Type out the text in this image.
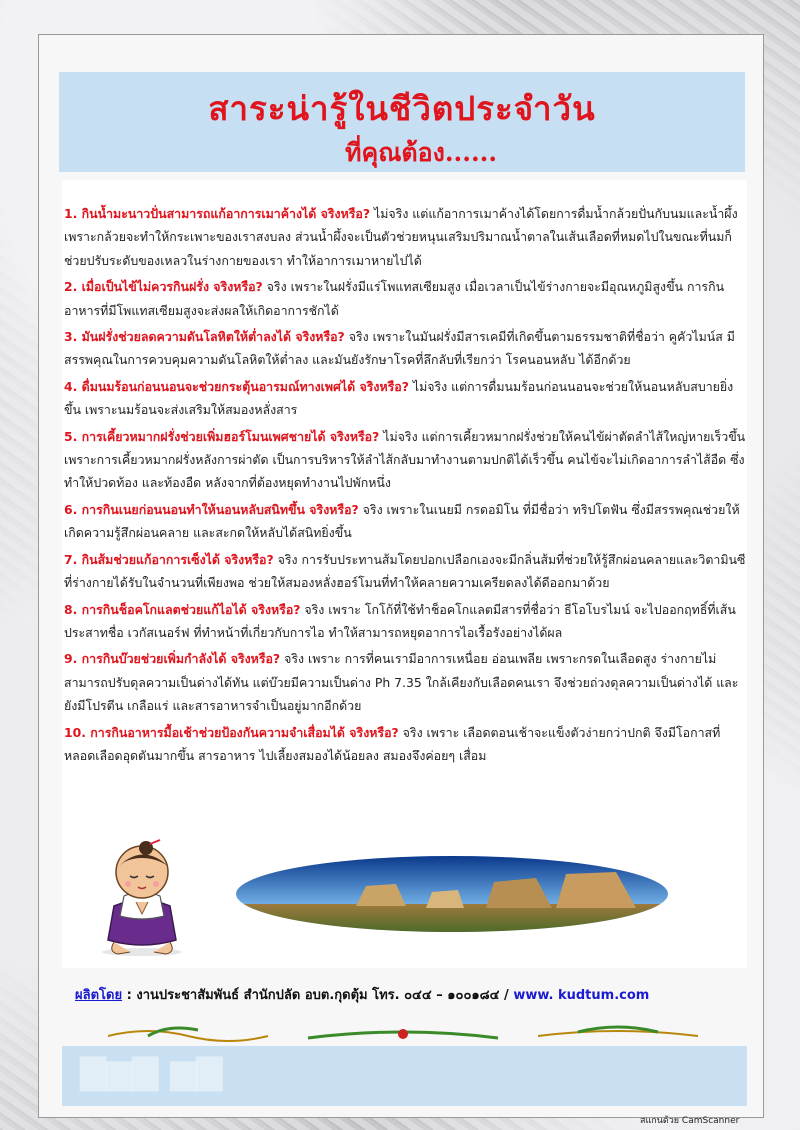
สาระน่ารู้ในชีวิตประจำวัน
ที่คุณต้อง......
1. กินน้ำมะนาวปั่นสามารถแก้อาการเมาค้างได้ จริงหรือ? ไม่จริง แต่แก้อาการเมาค้างได้โดยการดื่มน้ำกล้วยปั่นกับนมและน้ำผึ้ง เพราะกล้วยจะทำให้กระเพาะของเราสงบลง ส่วนน้ำผึ้งจะเป็นตัวช่วยหนุนเสริมปริมาณน้ำตาลในเส้นเลือดที่หมดไปในขณะที่นมก็ช่วยปรับระดับของเหลวในร่างกายของเรา ทำให้อาการเมาหายไปได้
2. เมื่อเป็นไข้ไม่ควรกินฝรั่ง จริงหรือ? จริง เพราะในฝรั่งมีแร่โพแทสเซียมสูง เมื่อเวลาเป็นไข้ร่างกายจะมีอุณหภูมิสูงขึ้น การกินอาหารที่มีโพแทสเซียมสูงจะส่งผลให้เกิดอาการชักได้
3. มันฝรั่งช่วยลดความดันโลหิตให้ต่ำลงได้ จริงหรือ? จริง เพราะในมันฝรั่งมีสารเคมีที่เกิดขึ้นตามธรรมชาติที่ชื่อว่า คูคัวไมน์ส มีสรรพคุณในการควบคุมความดันโลหิตให้ต่ำลง และมันยังรักษาโรคที่ลึกลับที่เรียกว่า โรคนอนหลับ ได้อีกด้วย
4. ดื่มนมร้อนก่อนนอนจะช่วยกระตุ้นอารมณ์ทางเพศได้ จริงหรือ? ไม่จริง แต่การดื่มนมร้อนก่อนนอนจะช่วยให้นอนหลับสบายยิ่งขึ้น เพราะนมร้อนจะส่งเสริมให้สมองหลั่งสาร
5. การเคี้ยวหมากฝรั่งช่วยเพิ่มฮอร์โมนเพศชายได้ จริงหรือ? ไม่จริง แต่การเคี้ยวหมากฝรั่งช่วยให้คนไข้ผ่าตัดลำไส้ใหญ่หายเร็วขึ้น เพราะการเคี้ยวหมากฝรั่งหลังการผ่าตัด เป็นการบริหารให้ลำไส้กลับมาทำงานตามปกติได้เร็วขึ้น คนไข้จะไม่เกิดอาการลำไส้อืด ซึ่งทำให้ปวดท้อง และท้องอืด หลังจากที่ต้องหยุดทำงานไปพักหนึ่ง
6. การกินเนยก่อนนอนทำให้นอนหลับสนิทขึ้น จริงหรือ? จริง เพราะในเนยมี กรดอมิโน ที่มีชื่อว่า ทริปโตฟัน ซึ่งมีสรรพคุณช่วยให้เกิดความรู้สึกผ่อนคลาย และสะกดให้หลับได้สนิทยิ่งขึ้น
7. กินส้มช่วยแก้อาการเซ็งได้ จริงหรือ? จริง การรับประทานส้มโดยปอกเปลือกเองจะมีกลิ่นส้มที่ช่วยให้รู้สึกผ่อนคลายและวิตามินซีที่ร่างกายได้รับในจำนวนที่เพียงพอ ช่วยให้สมองหลั่งฮอร์โมนที่ทำให้คลายความเครียดลงได้ดีออกมาด้วย
8. การกินช็อคโกแลตช่วยแก้ไอได้ จริงหรือ? จริง เพราะ โกโก้ที่ใช้ทำช็อคโกแลตมีสารที่ชื่อว่า ธีโอโบรไมน์ จะไปออกฤทธิ์ที่เส้นประสาทชื่อ เวกัสเนอร์ฟ ที่ทำหน้าที่เกี่ยวกับการไอ ทำให้สามารถหยุดอาการไอเรื้อรังอย่างได้ผล
9. การกินบ๊วยช่วยเพิ่มกำลังได้ จริงหรือ? จริง เพราะ การที่คนเรามีอาการเหนื่อย อ่อนเพลีย เพราะกรดในเลือดสูง ร่างกายไม่สามารถปรับดุลความเป็นด่างได้ทัน แต่บ๊วยมีความเป็นด่าง Ph 7.35 ใกล้เคียงกับเลือดคนเรา จึงช่วยถ่วงดุลความเป็นด่างได้ และยังมีโปรตีน เกลือแร่ และสารอาหารจำเป็นอยู่มากอีกด้วย
10. การกินอาหารมื้อเช้าช่วยป้องกันความจำเสื่อมได้ จริงหรือ? จริง เพราะ เลือดตอนเช้าจะแข็งตัวง่ายกว่าปกติ จึงมีโอกาสที่หลอดเลือดอุดตันมากขึ้น สารอาหาร ไปเลี้ยงสมองได้น้อยลง สมองจึงค่อยๆ เสื่อม
ผลิตโดย : งานประชาสัมพันธ์ สำนักปลัด อบต.กุดตุ้ม โทร. ๐๔๔ – ๑๐๐๑๘๔ / www. kudtum.com
▇▆▇ ▆▇
สแกนด้วย CamScanner
